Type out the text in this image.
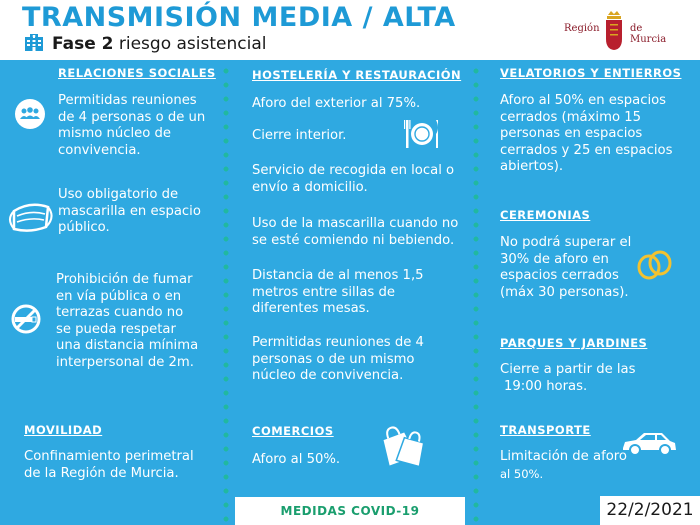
TRANSMISIÓN MEDIA / ALTA
Fase 2 riesgo asistencial
Región	de Murcia
RELACIONES SOCIALES
Permitidas reuniones
de 4 personas o de un
mismo núcleo de
convivencia.
Uso obligatorio de
mascarilla en espacio
público.
Prohibición de fumar
en vía pública o en
terrazas cuando no
se pueda respetar
una distancia mínima
interpersonal de 2m.
MOVILIDAD
Confinamiento perimetral
de la Región de Murcia.
HOSTELERÍA Y RESTAURACIÓN
Aforo del exterior al 75%.
Cierre interior.
Servicio de recogida en local o
envío a domicilio.
Uso de la mascarilla cuando no
se esté comiendo ni bebiendo.
Distancia de al menos 1,5
metros entre sillas de
diferentes mesas.
Permitidas reuniones de 4
personas o de un mismo
núcleo de convivencia.
COMERCIOS
Aforo al 50%.
VELATORIOS Y ENTIERROS
Aforo al 50% en espacios
cerrados (máximo 15
personas en espacios
cerrados y 25 en espacios
abiertos).
CEREMONIAS
No podrá superar el
30% de aforo en
espacios cerrados
(máx 30 personas).
PARQUES Y JARDINES
Cierre a partir de las
19:00 horas.
TRANSPORTE
Limitación de aforo
al 50%.
MEDIDAS COVID-19	22/2/2021
